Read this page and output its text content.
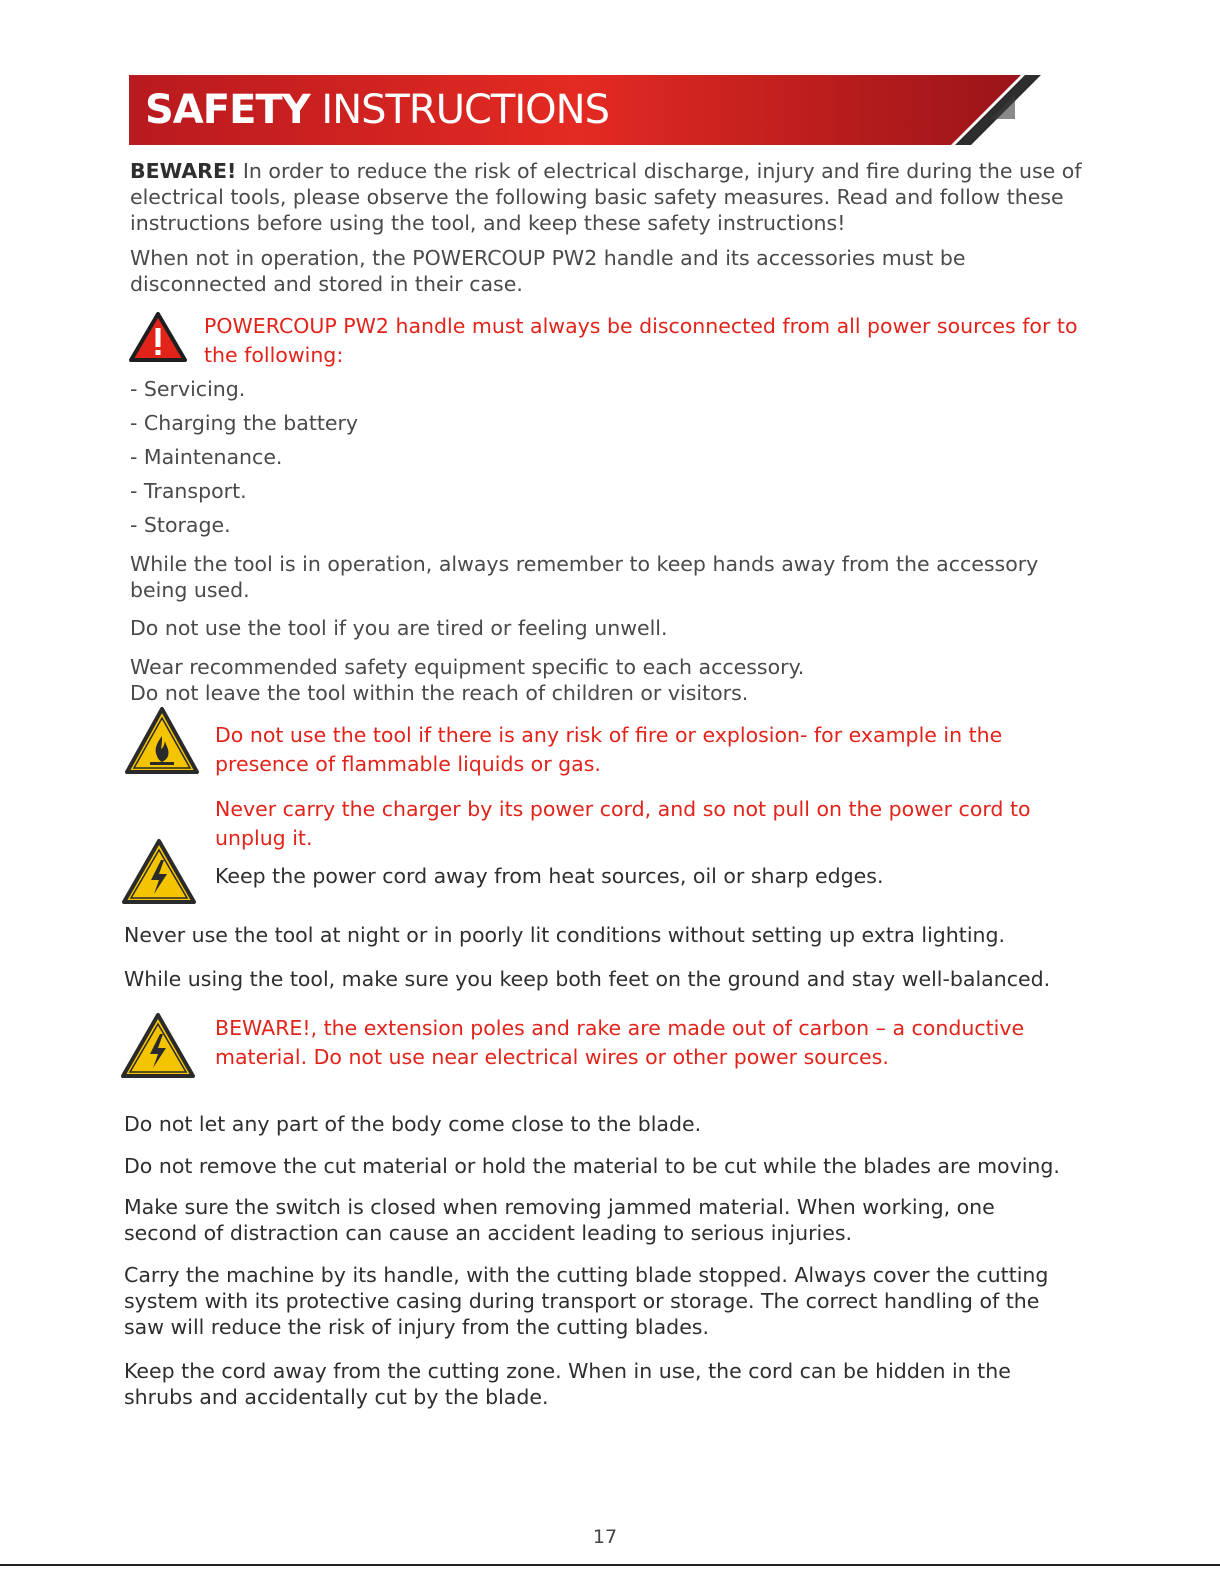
SAFETY INSTRUCTIONS
BEWARE! In order to reduce the risk of electrical discharge, injury and fire during the use of
electrical tools, please observe the following basic safety measures. Read and follow these
instructions before using the tool, and keep these safety instructions!
When not in operation, the POWERCOUP PW2 handle and its accessories must be
disconnected and stored in their case.
POWERCOUP PW2 handle must always be disconnected from all power sources for to
the following:
- Servicing.
- Charging the battery
- Maintenance.
- Transport.
- Storage.
While the tool is in operation, always remember to keep hands away from the accessory
being used.
Do not use the tool if you are tired or feeling unwell.
Wear recommended safety equipment specific to each accessory.
Do not leave the tool within the reach of children or visitors.
Do not use the tool if there is any risk of fire or explosion- for example in the
presence of flammable liquids or gas.
Never carry the charger by its power cord, and so not pull on the power cord to
unplug it.
Keep the power cord away from heat sources, oil or sharp edges.
Never use the tool at night or in poorly lit conditions without setting up extra lighting.
While using the tool, make sure you keep both feet on the ground and stay well-balanced.
BEWARE!, the extension poles and rake are made out of carbon – a conductive
material. Do not use near electrical wires or other power sources.
Do not let any part of the body come close to the blade.
Do not remove the cut material or hold the material to be cut while the blades are moving.
Make sure the switch is closed when removing jammed material. When working, one
second of distraction can cause an accident leading to serious injuries.
Carry the machine by its handle, with the cutting blade stopped. Always cover the cutting
system with its protective casing during transport or storage. The correct handling of the
saw will reduce the risk of injury from the cutting blades.
Keep the cord away from the cutting zone. When in use, the cord can be hidden in the
shrubs and accidentally cut by the blade.
17
